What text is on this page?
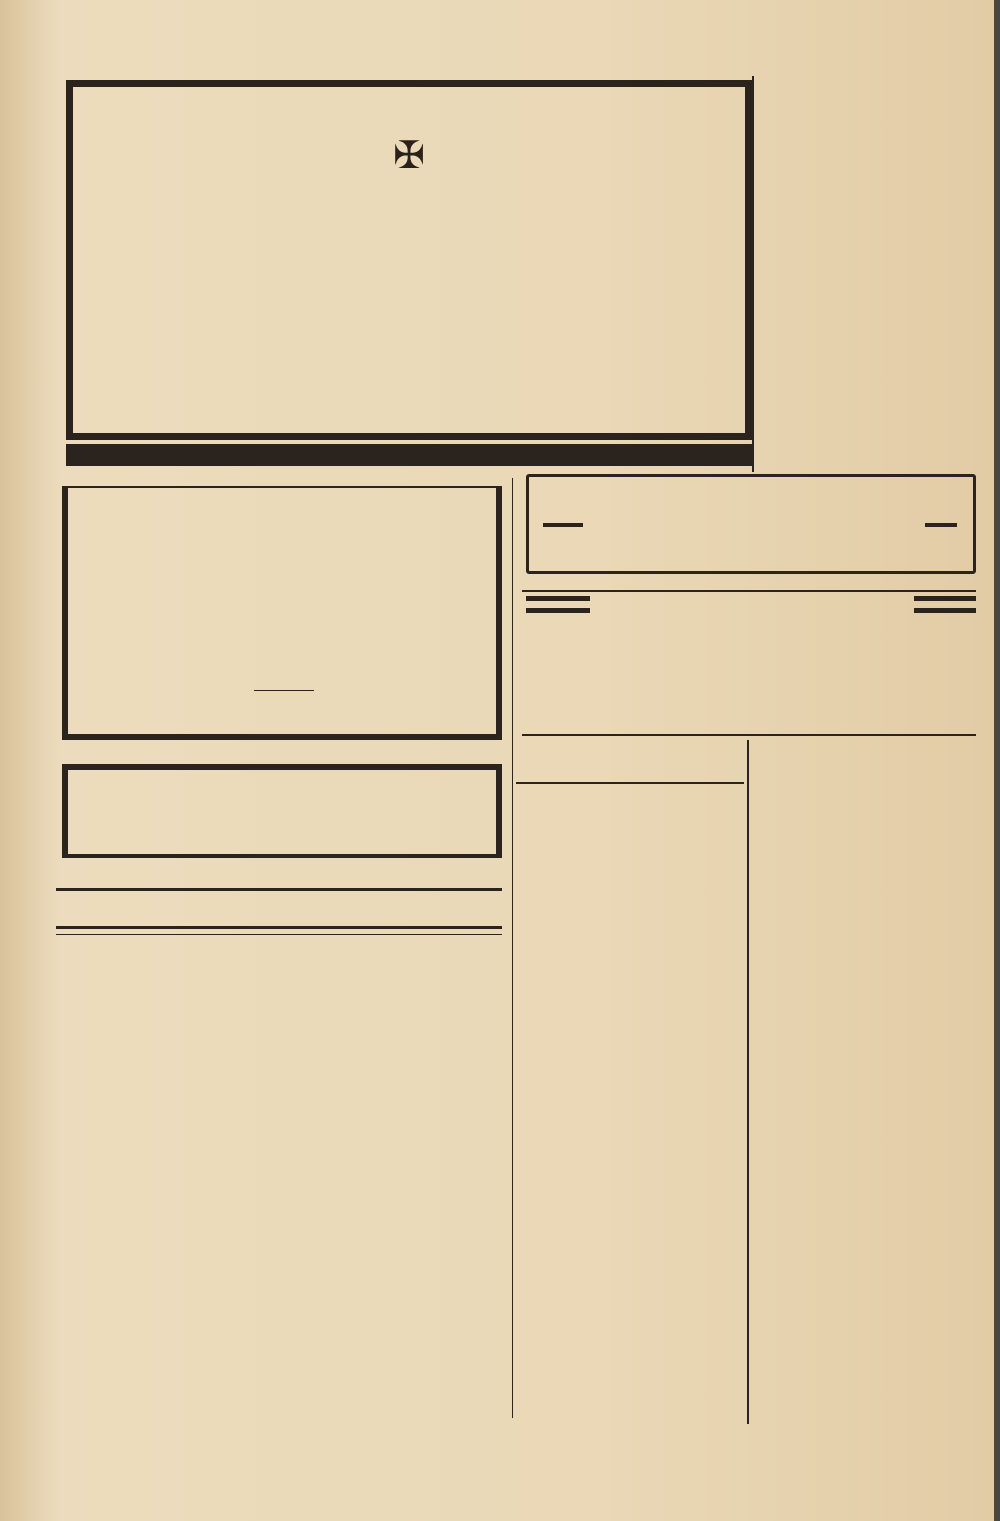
✠
